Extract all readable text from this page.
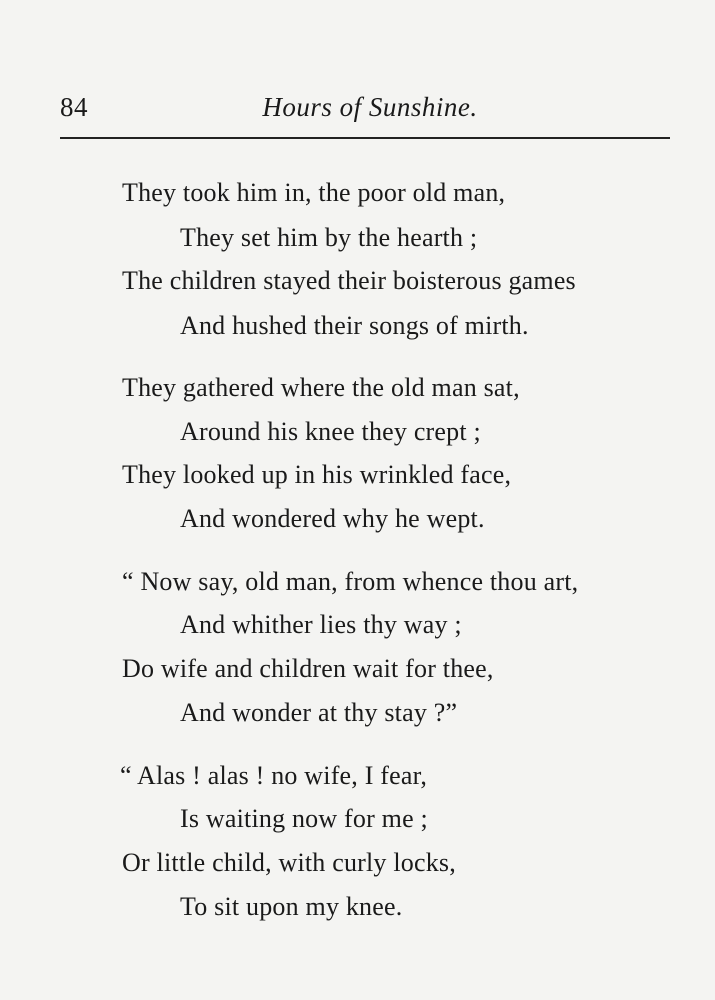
84	Hours of Sunshine.
They took him in, the poor old man,
They set him by the hearth ;
The children stayed their boisterous games
And hushed their songs of mirth.
They gathered where the old man sat,
Around his knee they crept ;
They looked up in his wrinkled face,
And wondered why he wept.
“ Now say, old man, from whence thou art,
And whither lies thy way ;
Do wife and children wait for thee,
And wonder at thy stay ?”
“ Alas ! alas ! no wife, I fear,
Is waiting now for me ;
Or little child, with curly locks,
To sit upon my knee.
